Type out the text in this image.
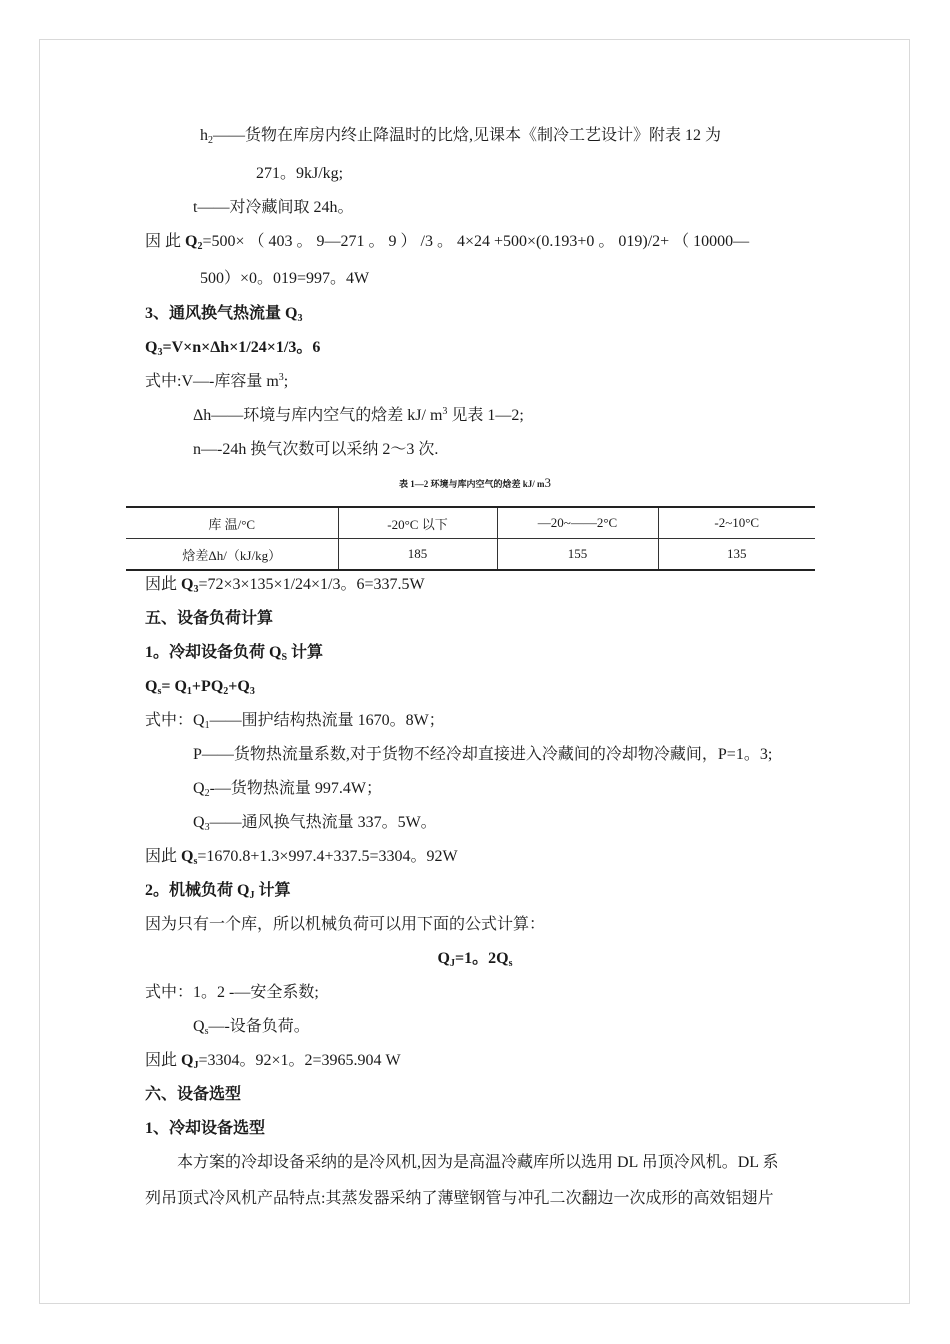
$h_2——$货物在库房内终止降温时的比焓,见课本《制冷工艺设计》附表 12 为
271。9kJ/kg;
t——对冷藏间取 24h。
因 此 $Q_2=500\times$ （ 403 。 9—271 。 9 ） /3 。 4×24 +500×(0.193+0 。 019)/2+ （ 10000—
500）×0。019=997。4W
3、通风换气热流量 $Q_3$
$Q_3=V\times n\times\Delta h\times 1/24\times 1/3$。6
式中:V—-库容量 $m^3$;
Δh——环境与库内空气的焓差 kJ/ $m^3$ 见表 1—2;
n—-24h 换气次数可以采纳 2～3 次.
表 1—2 环境与库内空气的焓差 kJ/ m3
库 温/°C	-20°C 以下	—20~——2°C	-2~10°C
焓差Δh/（kJ/kg）	185	155	135
因此 $Q_3=72\times 3\times 135\times 1/24\times 1/3$。6=337.5W
五、设备负荷计算
1。冷却设备负荷 $Q_S$ 计算
$Q_s= Q_1+PQ_2+Q_3$
式中：$Q_1——$围护结构热流量 1670。8W；
P——货物热流量系数,对于货物不经冷却直接进入冷藏间的冷却物冷藏间，P=1。3;
$Q_2-—$货物热流量 997.4W；
$Q_3——$通风换气热流量 337。5W。
因此 $Q_s=1670.8+1.3\times 997.4+337.5=3304$。92W
2。机械负荷 $Q_J$ 计算
因为只有一个库，所以机械负荷可以用下面的公式计算：
$Q_J=1$。$2Q_s$
式中：1。2 -—安全系数;
$Q_s—-$设备负荷。
因此 $Q_J=3304$。92×1。2=3965.904 W
六、设备选型
1、冷却设备选型
本方案的冷却设备采纳的是冷风机,因为是高温冷藏库所以选用 DL 吊顶冷风机。DL 系
列吊顶式冷风机产品特点:其蒸发器采纳了薄壁钢管与冲孔二次翻边一次成形的高效铝翅片
